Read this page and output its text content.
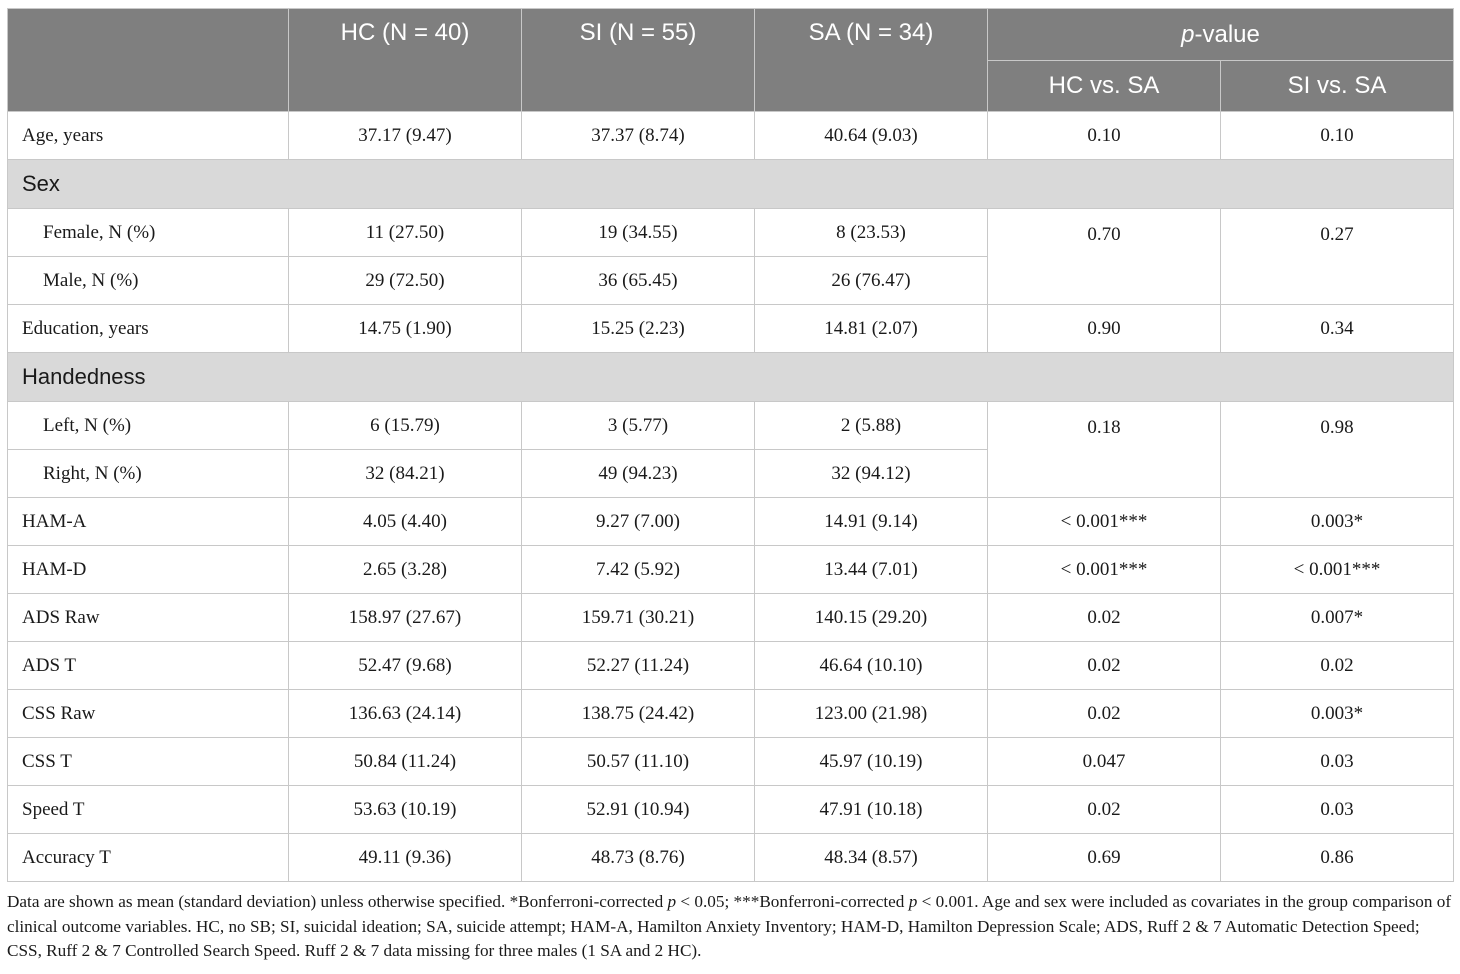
	HC (N = 40)	SI (N = 55)	SA (N = 34)	p-value	
				HC vs. SA	SI vs. SA
Age, years	37.17 (9.47)	37.37 (8.74)	40.64 (9.03)	0.10	0.10
Sex					
Female, N (%)	11 (27.50)	19 (34.55)	8 (23.53)	0.70	0.27
Male, N (%)	29 (72.50)	36 (65.45)	26 (76.47)		
Education, years	14.75 (1.90)	15.25 (2.23)	14.81 (2.07)	0.90	0.34
Handedness					
Left, N (%)	6 (15.79)	3 (5.77)	2 (5.88)	0.18	0.98
Right, N (%)	32 (84.21)	49 (94.23)	32 (94.12)		
HAM-A	4.05 (4.40)	9.27 (7.00)	14.91 (9.14)	< 0.001***	0.003*
HAM-D	2.65 (3.28)	7.42 (5.92)	13.44 (7.01)	< 0.001***	< 0.001***
ADS Raw	158.97 (27.67)	159.71 (30.21)	140.15 (29.20)	0.02	0.007*
ADS T	52.47 (9.68)	52.27 (11.24)	46.64 (10.10)	0.02	0.02
CSS Raw	136.63 (24.14)	138.75 (24.42)	123.00 (21.98)	0.02	0.003*
CSS T	50.84 (11.24)	50.57 (11.10)	45.97 (10.19)	0.047	0.03
Speed T	53.63 (10.19)	52.91 (10.94)	47.91 (10.18)	0.02	0.03
Accuracy T	49.11 (9.36)	48.73 (8.76)	48.34 (8.57)	0.69	0.86
Data are shown as mean (standard deviation) unless otherwise specified. *Bonferroni-corrected p < 0.05; ***Bonferroni-corrected p < 0.001. Age and sex were included as covariates in the group comparison of clinical outcome variables. HC, no SB; SI, suicidal ideation; SA, suicide attempt; HAM-A, Hamilton Anxiety Inventory; HAM-D, Hamilton Depression Scale; ADS, Ruff 2 & 7 Automatic Detection Speed; CSS, Ruff 2 & 7 Controlled Search Speed. Ruff 2 & 7 data missing for three males (1 SA and 2 HC).
